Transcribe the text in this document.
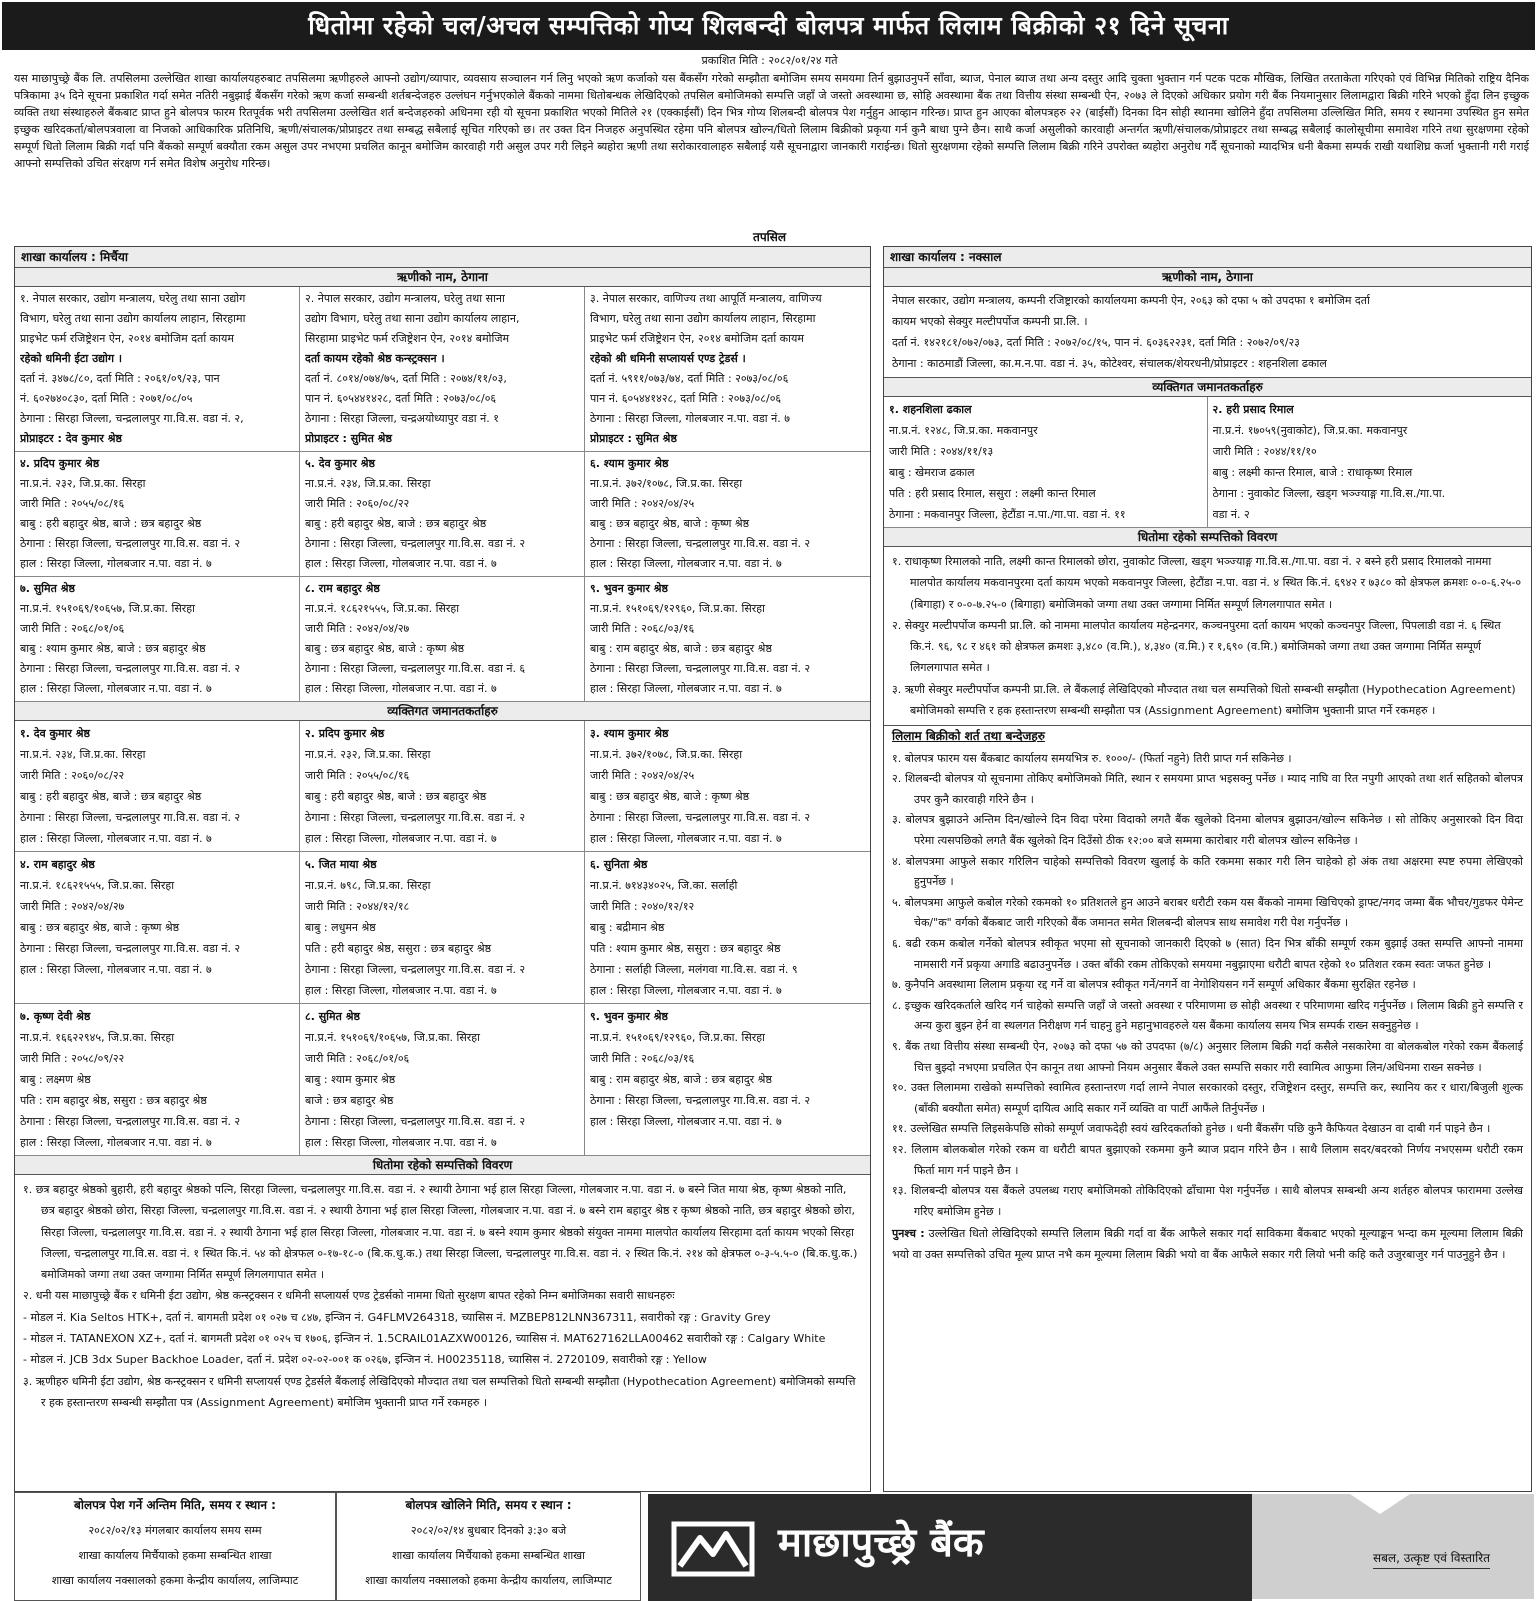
धितोमा रहेको चल/अचल सम्पत्तिको गोप्य शिलबन्दी बोलपत्र मार्फत लिलाम बिक्रीको २१ दिने सूचना
प्रकाशित मिति : २०८२/०१/२४ गते
यस माछापुच्छ्रे बैंक लि. तपसिलमा उल्लेखित शाखा कार्यालयहरुबाट तपसिलमा ऋणीहरुले आफ्नो उद्योग/व्यापार, व्यवसाय सञ्चालन गर्न लिनु भएको ऋण कर्जाको यस बैंकसँग गरेको सम्झौता बमोजिम समय समयमा तिर्न बुझाउनुपर्ने साँवा, ब्याज, पेनाल ब्याज तथा अन्य दस्तुर आदि चुक्ता भुक्तान गर्न पटक पटक मौखिक, लिखित तरताकेता गरिएको एवं विभिन्न मितिको राष्ट्रिय दैनिक पत्रिकामा ३५ दिने सूचना प्रकाशित गर्दा समेत नतिरी नबुझाई बैंकसँग गरेको ऋण कर्जा सम्बन्धी शर्तबन्देजहरु उल्लंघन गर्नुभएकोले बैंकको नाममा धितोबन्धक लेखिदिएको तपसिल बमोजिमको सम्पत्ति जहाँ जे जस्तो अवस्थामा छ, सोहि अवस्थामा बैंक तथा वित्तीय संस्था सम्बन्धी ऐन, २०७३ ले दिएको अधिकार प्रयोग गरी बैंक नियमानुसार लिलामद्वारा बिक्री गरिने भएको हुँदा लिन इच्छुक व्यक्ति तथा संस्थाहरुले बैंकबाट प्राप्त हुने बोलपत्र फारम रितपूर्वक भरी तपसिलमा उल्लेखित शर्त बन्देजहरुको अधिनमा रही यो सूचना प्रकाशित भएको मितिले २१ (एक्काईसौं) दिन भित्र गोप्य शिलबन्दी बोलपत्र पेश गर्नुहुन आव्हान गरिन्छ। प्राप्त हुन आएका बोलपत्रहरु २२ (बाईसौं) दिनका दिन सोही स्थानमा खोलिने हुँदा तपसिलमा उल्लिखित मिति, समय र स्थानमा उपस्थित हुन समेत इच्छुक खरिदकर्ता/बोलपत्रवाला वा निजको आधिकारिक प्रतिनिधि, ऋणी/संचालक/प्रोप्राइटर तथा सम्बद्ध सबैलाई सूचित गरिएको छ। तर उक्त दिन निजहरु अनुपस्थित रहेमा पनि बोलपत्र खोल्न/धितो लिलाम बिक्रीको प्रकृया गर्न कुनै बाधा पुग्ने छैन। साथै कर्जा असुलीको कारवाही अन्तर्गत ऋणी/संचालक/प्रोप्राइटर तथा सम्बद्ध सबैलाई कालोसूचीमा समावेश गरिने तथा सुरक्षणमा रहेको सम्पूर्ण धितो लिलाम बिक्री गर्दा पनि बैंकको सम्पूर्ण बक्यौता रकम असुल उपर नभएमा प्रचलित कानून बमोजिम कारवाही गरी असुल उपर गरी लिइने ब्यहोरा ऋणी तथा सरोकारवालाहरु सबैलाई यसै सूचनाद्वारा जानकारी गराईन्छ। धितो सुरक्षणमा रहेको सम्पत्ति लिलाम बिक्री गरिने उपरोक्त ब्यहोरा अनुरोध गर्दै सूचनाको म्यादभित्र धनी बैकमा सम्पर्क राखी यथाशिघ्र कर्जा भुक्तानी गरी गराई आफ्नो सम्पत्तिको उचित संरक्षण गर्न समेत विशेष अनुरोध गरिन्छ।
तपसिल
शाखा कार्यालय : मिर्चैया
ऋणीको नाम, ठेगाना
१. नेपाल सरकार, उद्योग मन्त्रालय, घरेलु तथा साना उद्योग
विभाग, घरेलु तथा साना उद्योग कार्यालय लाहान, सिरहामा
प्राइभेट फर्म रजिष्ट्रेशन ऐन, २०१४ बमोजिम दर्ता कायम
रहेको धमिनी ईटा उद्योग ।
दर्ता नं. ३४७८/८०, दर्ता मिति : २०६१/०९/२३, पान
नं. ६०२७४०८३०, दर्ता मिति : २०७१/०८/०५
ठेगाना : सिरहा जिल्ला, चन्द्रलालपुर गा.वि.स. वडा नं. २,
प्रोप्राइटर : देव कुमार श्रेष्ठ
२. नेपाल सरकार, उद्योग मन्त्रालय, घरेलु तथा साना
उद्योग विभाग, घरेलु तथा साना उद्योग कार्यालय लाहान,
सिरहामा प्राइभेट फर्म रजिष्ट्रेशन ऐन, २०१४ बमोजिम
दर्ता कायम रहेको श्रेष्ठ कन्स्ट्रक्सन ।
दर्ता नं. ८०१४/०७४/७५, दर्ता मिति : २०७४/११/०३,
पान नं. ६०५४४१४२८, दर्ता मिति : २०७३/०८/०६
ठेगाना : सिरहा जिल्ला, चन्द्रअयोध्यापुर वडा नं. १
प्रोप्राइटर : सुमित श्रेष्ठ
३. नेपाल सरकार, वाणिज्य तथा आपूर्ति मन्त्रालय, वाणिज्य
विभाग, घरेलु तथा साना उद्योग कार्यालय लाहान, सिरहामा
प्राइभेट फर्म रजिष्ट्रेशन ऐन, २०१४ बमोजिम दर्ता कायम
रहेको श्री धमिनी सप्लायर्स एण्ड ट्रेडर्स ।
दर्ता नं. ५९११/०७३/७४, दर्ता मिति : २०७३/०८/०६
पान नं. ६०५४४१४२८, दर्ता मिति : २०७३/०८/०६
ठेगाना : सिरहा जिल्ला, गोलबजार न.पा. वडा नं. ७
प्रोप्राइटर : सुमित श्रेष्ठ
४. प्रदिप कुमार श्रेष्ठ
ना.प्र.नं. २३२, जि.प्र.का. सिरहा
जारी मिति : २०५५/०८/१६
बाबु : हरी बहादुर श्रेष्ठ, बाजे : छत्र बहादुर श्रेष्ठ
ठेगाना : सिरहा जिल्ला, चन्द्रलालपुर गा.वि.स. वडा नं. २
हाल : सिरहा जिल्ला, गोलबजार न.पा. वडा नं. ७
५. देव कुमार श्रेष्ठ
ना.प्र.नं. २३४, जि.प्र.का. सिरहा
जारी मिति : २०६०/०८/२२
बाबु : हरी बहादुर श्रेष्ठ, बाजे : छत्र बहादुर श्रेष्ठ
ठेगाना : सिरहा जिल्ला, चन्द्रलालपुर गा.वि.स. वडा नं. २
हाल : सिरहा जिल्ला, गोलबजार न.पा. वडा नं. ७
६. श्याम कुमार श्रेष्ठ
ना.प्र.नं. ३७२/१०७८, जि.प्र.का. सिरहा
जारी मिति : २०४२/०४/२५
बाबु : छत्र बहादुर श्रेष्ठ, बाजे : कृष्ण श्रेष्ठ
ठेगाना : सिरहा जिल्ला, चन्द्रलालपुर गा.वि.स. वडा नं. २
हाल : सिरहा जिल्ला, गोलबजार न.पा. वडा नं. ७
७. सुमित श्रेष्ठ
ना.प्र.नं. १५१०६९/१०६५७, जि.प्र.का. सिरहा
जारी मिति : २०६८/०१/०६
बाबु : श्याम कुमार श्रेष्ठ, बाजे : छत्र बहादुर श्रेष्ठ
ठेगाना : सिरहा जिल्ला, चन्द्रलालपुर गा.वि.स. वडा नं. २
हाल : सिरहा जिल्ला, गोलबजार न.पा. वडा नं. ७
८. राम बहादुर श्रेष्ठ
ना.प्र.नं. १८६२१५५५, जि.प्र.का. सिरहा
जारी मिति : २०४२/०४/२७
बाबु : छत्र बहादुर श्रेष्ठ, बाजे : कृष्ण श्रेष्ठ
ठेगाना : सिरहा जिल्ला, चन्द्रलालपुर गा.वि.स. वडा नं. ६
हाल : सिरहा जिल्ला, गोलबजार न.पा. वडा नं. ७
९. भुवन कुमार श्रेष्ठ
ना.प्र.नं. १५१०६९/१२९६०, जि.प्र.का. सिरहा
जारी मिति : २०६८/०३/१६
बाबु : राम बहादुर श्रेष्ठ, बाजे : छत्र बहादुर श्रेष्ठ
ठेगाना : सिरहा जिल्ला, चन्द्रलालपुर गा.वि.स. वडा नं. २
हाल : सिरहा जिल्ला, गोलबजार न.पा. वडा नं. ७
व्यक्तिगत जमानतकर्ताहरु
१. देव कुमार श्रेष्ठ
ना.प्र.नं. २३४, जि.प्र.का. सिरहा
जारी मिति : २०६०/०८/२२
बाबु : हरी बहादुर श्रेष्ठ, बाजे : छत्र बहादुर श्रेष्ठ
ठेगाना : सिरहा जिल्ला, चन्द्रलालपुर गा.वि.स. वडा नं. २
हाल : सिरहा जिल्ला, गोलबजार न.पा. वडा नं. ७
२. प्रदिप कुमार श्रेष्ठ
ना.प्र.नं. २३२, जि.प्र.का. सिरहा
जारी मिति : २०५५/०८/१६
बाबु : हरी बहादुर श्रेष्ठ, बाजे : छत्र बहादुर श्रेष्ठ
ठेगाना : सिरहा जिल्ला, चन्द्रलालपुर गा.वि.स. वडा नं. २
हाल : सिरहा जिल्ला, गोलबजार न.पा. वडा नं. ७
३. श्याम कुमार श्रेष्ठ
ना.प्र.नं. ३७२/१०७८, जि.प्र.का. सिरहा
जारी मिति : २०४२/०४/२५
बाबु : छत्र बहादुर श्रेष्ठ, बाजे : कृष्ण श्रेष्ठ
ठेगाना : सिरहा जिल्ला, चन्द्रलालपुर गा.वि.स. वडा नं. २
हाल : सिरहा जिल्ला, गोलबजार न.पा. वडा नं. ७
४. राम बहादुर श्रेष्ठ
ना.प्र.नं. १८६२१५५५, जि.प्र.का. सिरहा
जारी मिति : २०४२/०४/२७
बाबु : छत्र बहादुर श्रेष्ठ, बाजे : कृष्ण श्रेष्ठ
ठेगाना : सिरहा जिल्ला, चन्द्रलालपुर गा.वि.स. वडा नं. २
हाल : सिरहा जिल्ला, गोलबजार न.पा. वडा नं. ७
५. जित माया श्रेष्ठ
ना.प्र.नं. ७९८, जि.प्र.का. सिरहा
जारी मिति : २०४४/१२/१८
बाबु : लधुमन श्रेष्ठ
पति : हरी बहादुर श्रेष्ठ, ससुरा : छत्र बहादुर श्रेष्ठ
ठेगाना : सिरहा जिल्ला, चन्द्रलालपुर गा.वि.स. वडा नं. २
हाल : सिरहा जिल्ला, गोलबजार न.पा. वडा नं. ७
६. सुनिता श्रेष्ठ
ना.प्र.नं. ७१४३४०२५, जि.का. सर्लाही
जारी मिति : २०४०/१२/१२
बाबु : बद्रीमान श्रेष्ठ
पति : श्याम कुमार श्रेष्ठ, ससुरा : छत्र बहादुर श्रेष्ठ
ठेगाना : सर्लाही जिल्ला, मलंगवा गा.वि.स. वडा नं. ९
हाल : सिरहा जिल्ला, गोलबजार न.पा. वडा नं. ७
७. कृष्ण देवी श्रेष्ठ
ना.प्र.नं. १६६२२९४५, जि.प्र.का. सिरहा
जारी मिति : २०५८/०९/२२
बाबु : लक्ष्मण श्रेष्ठ
पति : राम बहादुर श्रेष्ठ, ससुरा : छत्र बहादुर श्रेष्ठ
ठेगाना : सिरहा जिल्ला, चन्द्रलालपुर गा.वि.स. वडा नं. २
हाल : सिरहा जिल्ला, गोलबजार न.पा. वडा नं. ७
८. सुमित श्रेष्ठ
ना.प्र.नं. १५१०६९/१०६५७, जि.प्र.का. सिरहा
जारी मिति : २०६८/०१/०६
बाबु : श्याम कुमार श्रेष्ठ
बाजे : छत्र बहादुर श्रेष्ठ
ठेगाना : सिरहा जिल्ला, चन्द्रलालपुर गा.वि.स. वडा नं. २
हाल : सिरहा जिल्ला, गोलबजार न.पा. वडा नं. ७
९. भुवन कुमार श्रेष्ठ
ना.प्र.नं. १५१०६९/१२९६०, जि.प्र.का. सिरहा
जारी मिति : २०६८/०३/१६
बाबु : राम बहादुर श्रेष्ठ, बाजे : छत्र बहादुर श्रेष्ठ
ठेगाना : सिरहा जिल्ला, चन्द्रलालपुर गा.वि.स. वडा नं. २
हाल : सिरहा जिल्ला, गोलबजार न.पा. वडा नं. ७
धितोमा रहेको सम्पत्तिको विवरण

१. छत्र बहादुर श्रेष्ठको बुहारी, हरी बहादुर श्रेष्ठको पत्नि, सिरहा जिल्ला, चन्द्रलालपुर गा.वि.स. वडा नं. २ स्थायी ठेगाना भई हाल सिरहा जिल्ला, गोलबजार न.पा. वडा नं. ७ बस्ने जित माया श्रेष्ठ, कृष्ण श्रेष्ठको नाति, छत्र बहादुर श्रेष्ठको छोरा, सिरहा जिल्ला, चन्द्रलालपुर गा.वि.स. वडा नं. २ स्थायी ठेगाना भई हाल सिरहा जिल्ला, गोलबजार न.पा. वडा नं. ७ बस्ने राम बहादुर श्रेष्ठ र कृष्ण श्रेष्ठको नाति, छत्र बहादुर श्रेष्ठको छोरा, सिरहा जिल्ला, चन्द्रलालपुर गा.वि.स. वडा नं. २ स्थायी ठेगाना भई हाल सिरहा जिल्ला, गोलबजार न.पा. वडा नं. ७ बस्ने श्याम कुमार श्रेष्ठको संयुक्त नाममा मालपोत कार्यालय सिरहामा दर्ता कायम भएको सिरहा जिल्ला, चन्द्रलालपुर गा.वि.स. वडा नं. १ स्थित कि.नं. ५४ को क्षेत्रफल ०-१७-१८-० (बि.क.धु.क.) तथा सिरहा जिल्ला, चन्द्रलालपुर गा.वि.स. वडा नं. २ स्थित कि.नं. २१४ को क्षेत्रफल ०-३-५.५-० (बि.क.धु.क.) बमोजिमको जग्गा तथा उक्त जग्गामा निर्मित सम्पूर्ण लिगलगापात समेत ।

२. धनी यस माछापुच्छ्रे बैंक र धमिनी ईटा उद्योग, श्रेष्ठ कन्स्ट्रक्सन र धमिनी सप्लायर्स एण्ड ट्रेडर्सको नाममा धितो सुरक्षण बापत रहेको निम्न बमोजिमका सवारी साधनहरुः

- मोडल नं. Kia Seltos HTK+, दर्ता नं. बागमती प्रदेश ०१ ०२७ च ८४७, इन्जिन नं. G4FLMV264318, च्यासिस नं. MZBEP812LNN367311, सवारीको रङ्ग : Gravity Grey

- मोडल नं. TATANEXON XZ+, दर्ता नं. बागमती प्रदेश ०१ ०२५ च १७०६, इन्जिन नं. 1.5CRAIL01AZXW00126, च्यासिस नं. MAT627162LLA00462 सवारीको रङ्ग : Calgary White

- मोडल नं. JCB 3dx Super Backhoe Loader, दर्ता नं. प्रदेश ०२-०२-००१ क ०२६७, इन्जिन नं. H00235118, च्यासिस नं. 2720109, सवारीको रङ्ग : Yellow

३. ऋणीहरु धमिनी ईटा उद्योग, श्रेष्ठ कन्स्ट्रक्सन र धमिनी सप्लायर्स एण्ड ट्रेडर्सले बैंकलाई लेखिदिएको मौज्दात तथा चल सम्पत्तिको धितो सम्बन्धी सम्झौता (Hypothecation Agreement) बमोजिमको सम्पत्ति र हक हस्तान्तरण सम्बन्धी सम्झौता पत्र (Assignment Agreement) बमोजिम भुक्तानी प्राप्त गर्ने रकमहरु ।

शाखा कार्यालय : नक्साल
ऋणीको नाम, ठेगाना
नेपाल सरकार, उद्योग मन्त्रालय, कम्पनी रजिष्ट्रारको कार्यालयमा कम्पनी ऐन, २०६३ को दफा ५ को उपदफा १ बमोजिम दर्ता
कायम भएको सेक्युर मल्टीपर्पोज कम्पनी प्रा.लि. ।
दर्ता नं. १४२१८१/०७२/०७३, दर्ता मिति : २०७२/०८/१५, पान नं. ६०३६२२३१, दर्ता मिति : २०७२/०९/२३
ठेगाना : काठमाडौं जिल्ला, का.म.न.पा. वडा नं. ३५, कोटेश्वर, संचालक/शेयरधनी/प्रोप्राइटर : शहनशिला ढकाल
व्यक्तिगत जमानतकर्ताहरु
१. शहनशिला ढकाल
ना.प्र.नं. १२४८, जि.प्र.का. मकवानपुर
जारी मिति : २०४४/११/१३
बाबु : खेमराज ढकाल
पति : हरी प्रसाद रिमाल, ससुरा : लक्ष्मी कान्त रिमाल
ठेगाना : मकवानपुर जिल्ला, हेटौंडा न.पा./गा.पा. वडा नं. ११
२. हरी प्रसाद रिमाल
ना.प्र.नं. १७०५९(नुवाकोट), जि.प्र.का. मकवानपुर
जारी मिति : २०४४/११/१०
बाबु : लक्ष्मी कान्त रिमाल, बाजे : राधाकृष्ण रिमाल
ठेगाना : नुवाकोट जिल्ला, खड्ग भञ्ज्याङ्ग गा.वि.स./गा.पा.
वडा नं. २
धितोमा रहेको सम्पत्तिको विवरण

१. राधाकृष्ण रिमालको नाति, लक्ष्मी कान्त रिमालको छोरा, नुवाकोट जिल्ला, खड्ग भञ्ज्याङ्ग गा.वि.स./गा.पा. वडा नं. २ बस्ने हरी प्रसाद रिमालको नाममा मालपोत कार्यालय मकवानपुरमा दर्ता कायम भएको मकवानपुर जिल्ला, हेटौंडा न.पा. वडा नं. ४ स्थित कि.नं. ६९४२ र ७३८० को क्षेत्रफल क्रमशः ०-०-६.२५-० (बिगाहा) र ०-०-७.२५-० (बिगाहा) बमोजिमको जग्गा तथा उक्त जग्गामा निर्मित सम्पूर्ण लिगलगापात समेत ।

२. सेक्युर मल्टीपर्पोज कम्पनी प्रा.लि. को नाममा मालपोत कार्यालय महेन्द्रनगर, कञ्चनपुरमा दर्ता कायम भएको कञ्चनपुर जिल्ला, पिपलाडी वडा नं. ६ स्थित कि.नं. ९६, ९८ र ४६१ को क्षेत्रफल क्रमशः ३,४८० (व.मि.), ४,३४० (व.मि.) र १,६९० (व.मि.) बमोजिमको जग्गा तथा उक्त जग्गामा निर्मित सम्पूर्ण लिगलगापात समेत ।

३. ऋणी सेक्युर मल्टीपर्पोज कम्पनी प्रा.लि. ले बैंकलाई लेखिदिएको मौज्दात तथा चल सम्पत्तिको धितो सम्बन्धी सम्झौता (Hypothecation Agreement) बमोजिमको सम्पत्ति र हक हस्तान्तरण सम्बन्धी सम्झौता पत्र (Assignment Agreement) बमोजिम भुक्तानी प्राप्त गर्ने रकमहरु ।

लिलाम बिक्रीको शर्त तथा बन्देजहरु

१. बोलपत्र फारम यस बैंकबाट कार्यालय समयभित्र रु. १०००/- (फिर्ता नहुने) तिरी प्राप्त गर्न सकिनेछ ।

२. शिलबन्दी बोलपत्र यो सूचनामा तोकिए बमोजिमको मिति, स्थान र समयमा प्राप्त भइसक्नु पर्नेछ । म्याद नाघि वा रित नपुगी आएको तथा शर्त सहितको बोलपत्र उपर कुनै कारवाही गरिने छैन ।

३. बोलपत्र बुझाउने अन्तिम दिन/खोल्ने दिन विदा परेमा विदाको लगतै बैंक खुलेको दिनमा बोलपत्र बुझाउन/खोल्न सकिनेछ । सो तोकिए अनुसारको दिन विदा परेमा त्यसपछिको लगतै बैंक खुलेको दिन दिउँसो ठीक १२:०० बजे सम्ममा कारोबार गरी बोलपत्र खोल्न सकिनेछ ।

४. बोलपत्रमा आफुले सकार गरिलिन चाहेको सम्पत्तिको विवरण खुलाई के कति रकममा सकार गरी लिन चाहेको हो अंक तथा अक्षरमा स्पष्ट रुपमा लेखिएको हुनुपर्नेछ ।

५. बोलपत्रमा आफुले कबोल गरेको रकमको १० प्रतिशतले हुन आउने बराबर धरौटी रकम यस बैंकको नाममा खिचिएको ड्राफ्ट/नगद जम्मा बैंक भौचर/गुडफर पेमेन्ट चेक/"क" वर्गको बैंकबाट जारी गरिएको बैंक जमानत समेत शिलबन्दी बोलपत्र साथ समावेश गरी पेश गर्नुपर्नेछ ।

६. बढी रकम कबोल गर्नेको बोलपत्र स्वीकृत भएमा सो सूचनाको जानकारी दिएको ७ (सात) दिन भित्र बाँकी सम्पूर्ण रकम बुझाई उक्त सम्पत्ति आफ्नो नाममा नामसारी गर्ने प्रकृया अगाडि बढाउनुपर्नेछ । उक्त बाँकी रकम तोकिएको समयमा नबुझाएमा धरौटी बापत रहेको १० प्रतिशत रकम स्वतः जफत हुनेछ ।

७. कुनैपनि अवस्थामा लिलाम प्रकृया रद्द गर्ने वा बोलपत्र स्वीकृत गर्ने/नगर्ने वा नेगोशियसन गर्ने सम्पूर्ण अधिकार बैंकमा सुरक्षित रहनेछ ।

८. इच्छुक खरिदकर्ताले खरिद गर्न चाहेको सम्पत्ति जहाँ जे जस्तो अवस्था र परिमाणमा छ सोही अवस्था र परिमाणमा खरिद गर्नुपर्नेछ । लिलाम बिक्री हुने सम्पत्ति र अन्य कुरा बुझ्न हेर्न वा स्थलगत निरीक्षण गर्न चाहनु हुने महानुभावहरुले यस बैंकमा कार्यालय समय भित्र सम्पर्क राख्न सक्नुहुनेछ ।

९. बैंक तथा वित्तीय संस्था सम्बन्धी ऐन, २०७३ को दफा ५७ को उपदफा (७/८) अनुसार लिलाम बिक्री गर्दा कसैले नसकारेमा वा बोलकबोल गरेको रकम बैंकलाई चित्त बुझ्दो नभएमा प्रचलित ऐन कानून तथा आफ्नो नियम अनुसार बैंकले उक्त सम्पत्ति सकार गरी स्वामित्व आफुमा लिन/अधिनमा राख्न सक्नेछ ।

१०. उक्त लिलाममा राखेको सम्पत्तिको स्वामित्व हस्तान्तरण गर्दा लाग्ने नेपाल सरकारको दस्तुर, रजिष्ट्रेशन दस्तुर, सम्पत्ति कर, स्थानिय कर र धारा/बिजुली शुल्क (बाँकी बक्यौता समेत) सम्पूर्ण दायित्व आदि सकार गर्ने व्यक्ति वा पार्टी आफैंले तिर्नुपर्नेछ ।

११. उल्लेखित सम्पत्ति लिइसकेपछि सोको सम्पूर्ण जवाफदेही स्वयं खरिदकर्ताको हुनेछ । धनी बैंकसँग पछि कुनै कैफियत देखाउन वा दाबी गर्न पाइने छैन ।

१२. लिलाम बोलकबोल गरेको रकम वा धरौटी बापत बुझाएको रकममा कुनै ब्याज प्रदान गरिने छैन । साथै लिलाम सदर/बदरको निर्णय नभएसम्म धरौटी रकम फिर्ता माग गर्न पाइने छैन ।

१३. शिलबन्दी बोलपत्र यस बैंकले उपलब्ध गराए बमोजिमको तोकिदिएको ढाँचामा पेश गर्नुपर्नेछ । साथै बोलपत्र सम्बन्धी अन्य शर्तहरु बोलपत्र फाराममा उल्लेख गरिए बमोजिम हुनेछ ।

पुनश्च : उल्लेखित धितो लेखिदिएको सम्पत्ति लिलाम बिक्री गर्दा वा बैंक आफैले सकार गर्दा साविकमा बैंकबाट भएको मूल्याङ्कन भन्दा कम मूल्यमा लिलाम बिक्री भयो वा उक्त सम्पत्तिको उचित मूल्य प्राप्त नभै कम मूल्यमा लिलाम बिक्री भयो वा बैंक आफैले सकार गरी लियो भनी कहि कतै उजुरबाजुर गर्न पाउनुहुने छैन ।
बोलपत्र पेश गर्ने अन्तिम मिति, समय र स्थान :
२०८२/०२/१३ मंगलबार कार्यालय समय सम्म
शाखा कार्यालय मिर्चैयाको हकमा सम्बन्धित शाखा
शाखा कार्यालय नक्सालको हकमा केन्द्रीय कार्यालय, लाजिम्पाट
बोलपत्र खोलिने मिति, समय र स्थान :
२०८२/०२/१४ बुधबार दिनको ३:३० बजे
शाखा कार्यालय मिर्चैयाको हकमा सम्बन्धित शाखा
शाखा कार्यालय नक्सालको हकमा केन्द्रीय कार्यालय, लाजिम्पाट
माछापुच्छ्रे बैंक	सबल, उत्कृष्ट एवं विस्तारित
